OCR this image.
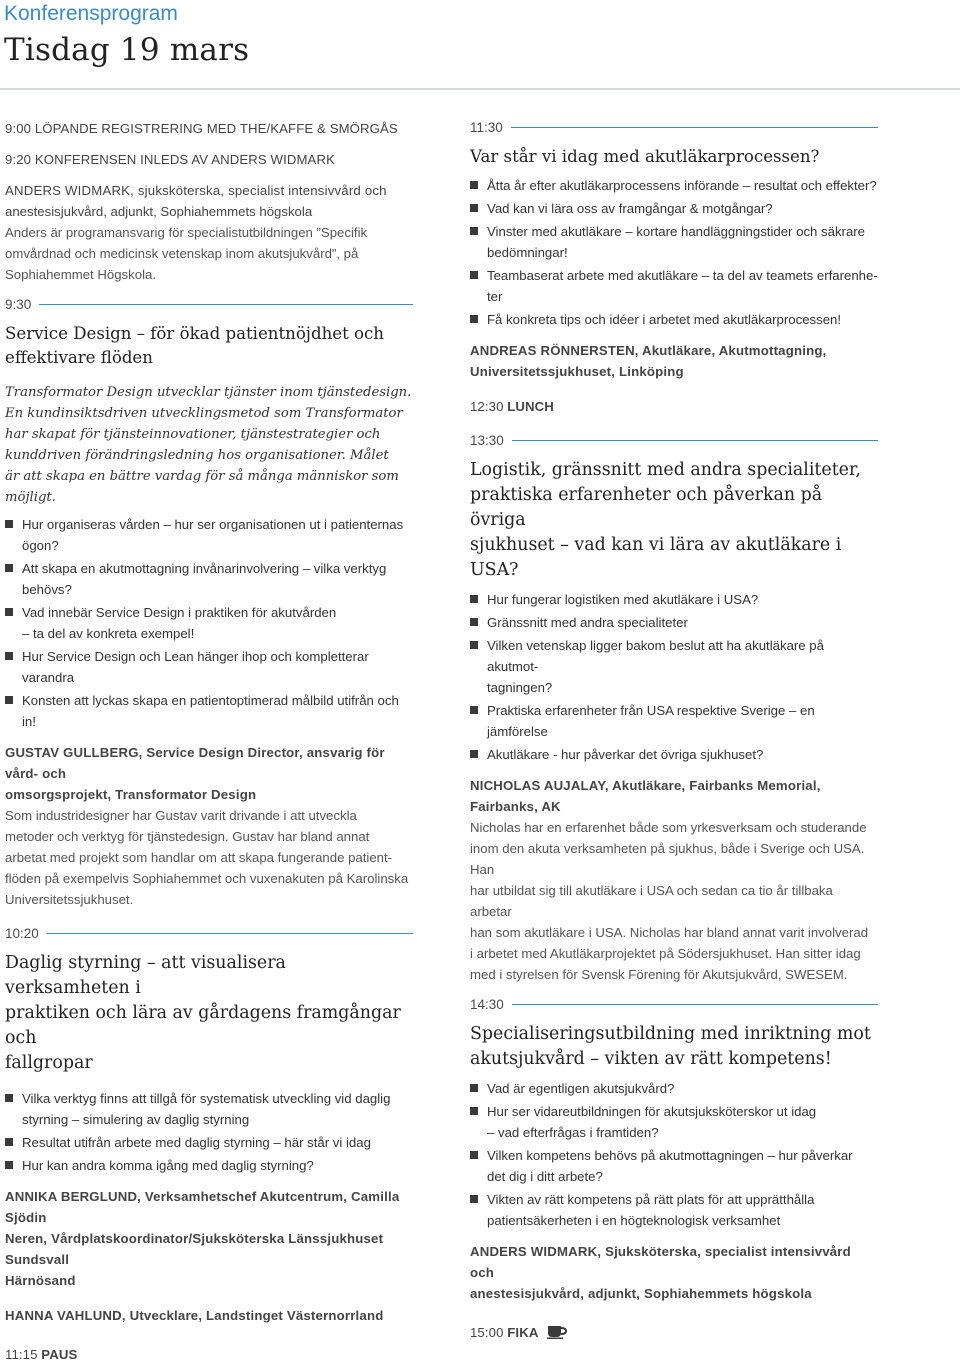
Konferensprogram
Tisdag 19 mars
9:00 LÖPANDE REGISTRERING MED THE/KAFFE & SMÖRGÅS
9:20 KONFERENSEN INLEDS AV ANDERS WIDMARK
ANDERS WIDMARK, sjuksköterska, specialist intensivvård och
anestesisjukvård, adjunkt, Sophiahemmets högskola
Anders är programansvarig för specialistutbildningen ”Specifik
omvårdnad och medicinsk vetenskap inom akutsjukvård”, på
Sophiahemmet Högskola.
9:30
Service Design – för ökad patientnöjdhet och
effektivare flöden
Transformator Design utvecklar tjänster inom tjänstedesign.
En kundinsiktsdriven utvecklingsmetod som Transformator
har skapat för tjänsteinnovationer, tjänstestrategier och
kunddriven förändringsledning hos organisationer. Målet
är att skapa en bättre vardag för så många människor som
möjligt.
Hur organiseras vården – hur ser organisationen ut i patienternas
ögon?
Att skapa en akutmottagning invånarinvolvering – vilka verktyg
behövs?
Vad innebär Service Design i praktiken för akutvården
– ta del av konkreta exempel!
Hur Service Design och Lean hänger ihop och kompletterar varandra
Konsten att lyckas skapa en patientoptimerad målbild utifrån och in!
GUSTAV GULLBERG, Service Design Director, ansvarig för vård- och
omsorgsprojekt, Transformator Design
Som industridesigner har Gustav varit drivande i att utveckla
metoder och verktyg för tjänstedesign. Gustav har bland annat
arbetat med projekt som handlar om att skapa fungerande patient-
flöden på exempelvis Sophiahemmet och vuxenakuten på Karolinska
Universitetssjukhuset.
10:20
Daglig styrning – att visualisera verksamheten i
praktiken och lära av gårdagens framgångar och
fallgropar
Vilka verktyg finns att tillgå för systematisk utveckling vid daglig
styrning – simulering av daglig styrning
Resultat utifrån arbete med daglig styrning – här står vi idag
Hur kan andra komma igång med daglig styrning?
ANNIKA BERGLUND, Verksamhetschef Akutcentrum, Camilla Sjödin
Neren, Vårdplatskoordinator/Sjuksköterska Länssjukhuset Sundsvall
Härnösand
HANNA VAHLUND, Utvecklare, Landstinget Västernorrland
11:15 PAUS
11:30
Var står vi idag med akutläkarprocessen?
Åtta år efter akutläkarprocessens införande – resultat och effekter?
Vad kan vi lära oss av framgångar & motgångar?
Vinster med akutläkare – kortare handläggningstider och säkrare
bedömningar!
Teambaserat arbete med akutläkare – ta del av teamets erfarenhe-
ter
Få konkreta tips och idéer i arbetet med akutläkarprocessen!
ANDREAS RÖNNERSTEN, Akutläkare, Akutmottagning,
Universitetssjukhuset, Linköping
12:30 LUNCH
13:30
Logistik, gränssnitt med andra specialiteter,
praktiska erfarenheter och påverkan på övriga
sjukhuset – vad kan vi lära av akutläkare i USA?
Hur fungerar logistiken med akutläkare i USA?
Gränssnitt med andra specialiteter
Vilken vetenskap ligger bakom beslut att ha akutläkare på akutmot-
tagningen?
Praktiska erfarenheter från USA respektive Sverige – en jämförelse
Akutläkare - hur påverkar det övriga sjukhuset?
NICHOLAS AUJALAY, Akutläkare, Fairbanks Memorial, Fairbanks, AK
Nicholas har en erfarenhet både som yrkesverksam och studerande
inom den akuta verksamheten på sjukhus, både i Sverige och USA. Han
har utbildat sig till akutläkare i USA och sedan ca tio år tillbaka arbetar
han som akutläkare i USA. Nicholas har bland annat varit involverad
i arbetet med Akutläkarprojektet på Södersjukhuset. Han sitter idag
med i styrelsen för Svensk Förening för Akutsjukvård, SWESEM.
14:30
Specialiseringsutbildning med inriktning mot
akutsjukvård – vikten av rätt kompetens!
Vad är egentligen akutsjukvård?
Hur ser vidareutbildningen för akutsjuksköterskor ut idag
– vad efterfrågas i framtiden?
Vilken kompetens behövs på akutmottagningen – hur påverkar
det dig i ditt arbete?
Vikten av rätt kompetens på rätt plats för att upprätthålla
patientsäkerheten i en högteknologisk verksamhet
ANDERS WIDMARK, Sjuksköterska, specialist intensivvård och
anestesisjukvård, adjunkt, Sophiahemmets högskola
15:00 FIKA
